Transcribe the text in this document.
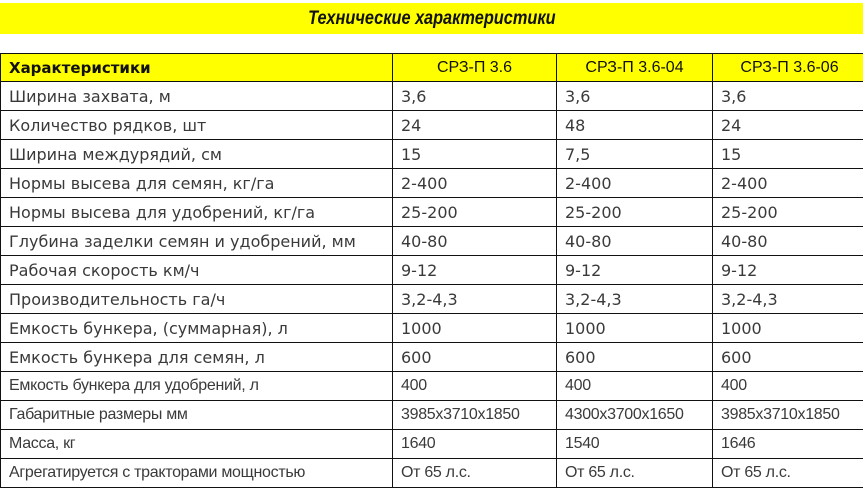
Технические характеристики
Характеристики	СРЗ-П 3.6	СРЗ-П 3.6-04	СРЗ-П 3.6-06
Ширина захвата, м	3,6	3,6	3,6
Количество рядков, шт	24	48	24
Ширина междурядий, см	15	7,5	15
Нормы высева для семян, кг/га	2-400	2-400	2-400
Нормы высева для удобрений, кг/га	25-200	25-200	25-200
Глубина заделки семян и удобрений, мм	40-80	40-80	40-80
Рабочая скорость км/ч	9-12	9-12	9-12
Производительность га/ч	3,2-4,3	3,2-4,3	3,2-4,3
Емкость бункера, (суммарная), л	1000	1000	1000
Емкость бункера для семян, л	600	600	600
Емкость бункера для удобрений, л	400	400	400
Габаритные размеры мм	3985x3710x1850	4300x3700x1650	3985x3710x1850
Масса, кг	1640	1540	1646
Агрегатируется с тракторами мощностью	От 65 л.с.	От 65 л.с.	От 65 л.с.
